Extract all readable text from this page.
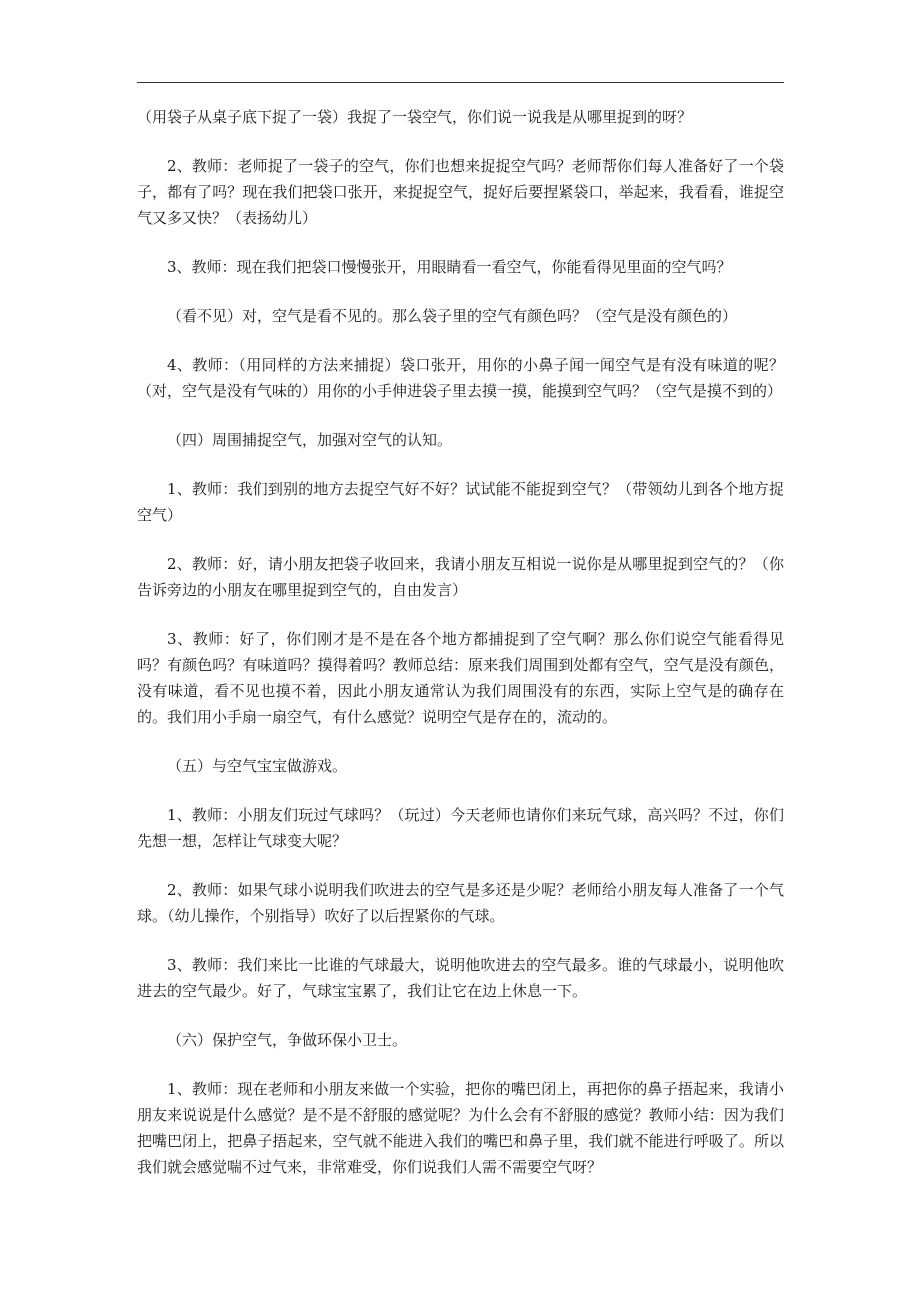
（用袋子从桌子底下捉了一袋）我捉了一袋空气，你们说一说我是从哪里捉到的呀？

2、教师：老师捉了一袋子的空气，你们也想来捉捉空气吗？老师帮你们每人准备好了一个袋子，都有了吗？现在我们把袋口张开，来捉捉空气，捉好后要捏紧袋口，举起来，我看看，谁捉空气又多又快？（表扬幼儿）

3、教师：现在我们把袋口慢慢张开，用眼睛看一看空气，你能看得见里面的空气吗？

（看不见）对，空气是看不见的。那么袋子里的空气有颜色吗？（空气是没有颜色的）

4、教师：（用同样的方法来捕捉）袋口张开，用你的小鼻子闻一闻空气是有没有味道的呢？（对，空气是没有气味的）用你的小手伸进袋子里去摸一摸，能摸到空气吗？（空气是摸不到的）

（四）周围捕捉空气，加强对空气的认知。

1、教师：我们到别的地方去捉空气好不好？试试能不能捉到空气？（带领幼儿到各个地方捉空气）

2、教师：好，请小朋友把袋子收回来，我请小朋友互相说一说你是从哪里捉到空气的？（你告诉旁边的小朋友在哪里捉到空气的，自由发言）

3、教师：好了，你们刚才是不是在各个地方都捕捉到了空气啊？那么你们说空气能看得见吗？有颜色吗？有味道吗？摸得着吗？教师总结：原来我们周围到处都有空气，空气是没有颜色，没有味道，看不见也摸不着，因此小朋友通常认为我们周围没有的东西，实际上空气是的确存在的。我们用小手扇一扇空气，有什么感觉？说明空气是存在的，流动的。

（五）与空气宝宝做游戏。

1、教师：小朋友们玩过气球吗？（玩过）今天老师也请你们来玩气球，高兴吗？不过，你们先想一想，怎样让气球变大呢？

2、教师：如果气球小说明我们吹进去的空气是多还是少呢？老师给小朋友每人准备了一个气球。（幼儿操作，个别指导）吹好了以后捏紧你的气球。

3、教师：我们来比一比谁的气球最大，说明他吹进去的空气最多。谁的气球最小，说明他吹进去的空气最少。好了，气球宝宝累了，我们让它在边上休息一下。

（六）保护空气，争做环保小卫士。

1、教师：现在老师和小朋友来做一个实验，把你的嘴巴闭上，再把你的鼻子捂起来，我请小朋友来说说是什么感觉？是不是不舒服的感觉呢？为什么会有不舒服的感觉？教师小结：因为我们把嘴巴闭上，把鼻子捂起来，空气就不能进入我们的嘴巴和鼻子里，我们就不能进行呼吸了。所以我们就会感觉喘不过气来，非常难受，你们说我们人需不需要空气呀？
